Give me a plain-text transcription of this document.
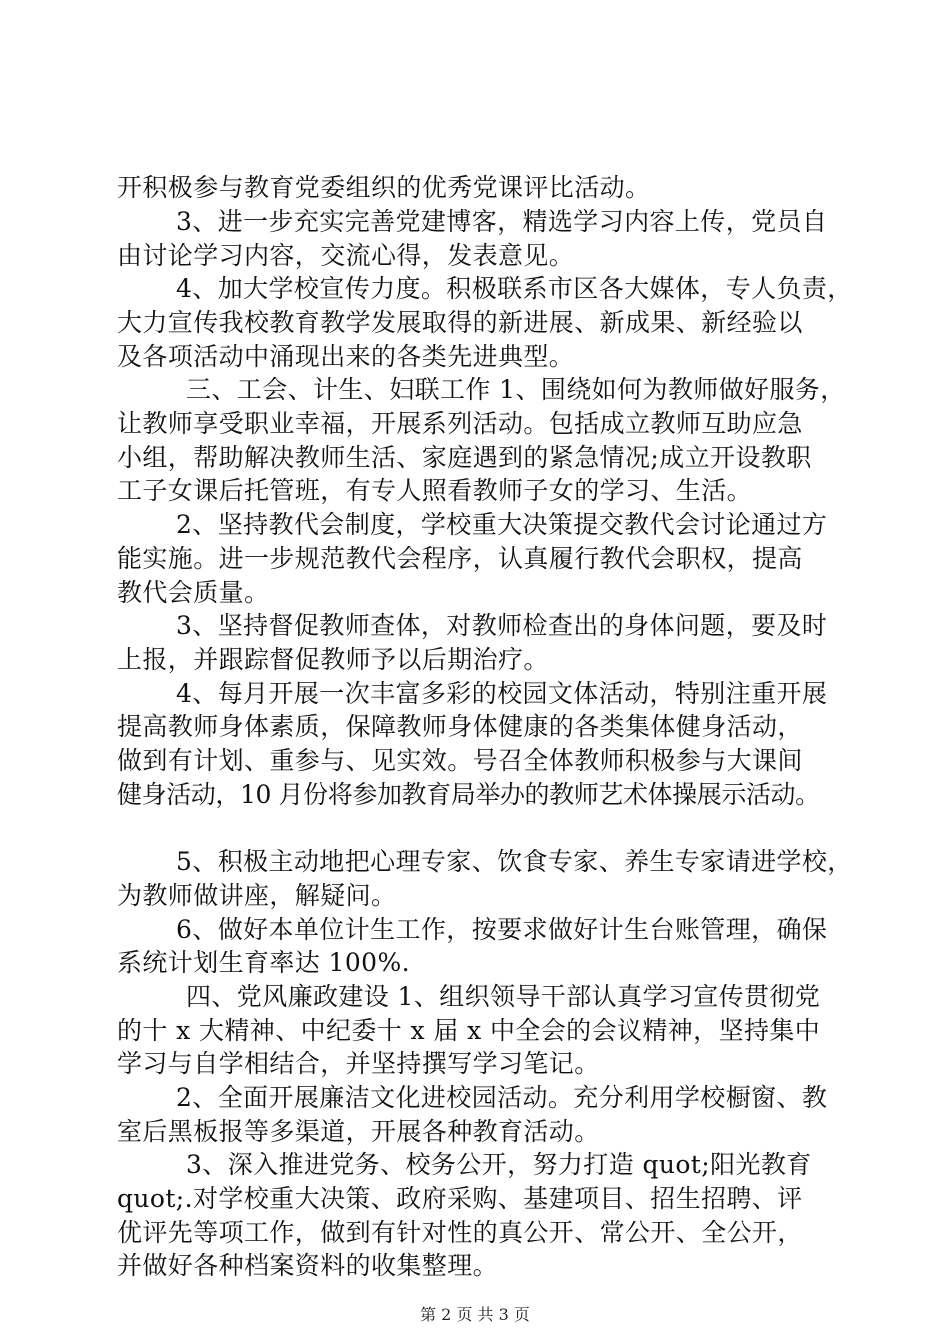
开积极参与教育党委组织的优秀党课评比活动。
3、进一步充实完善党建博客，精选学习内容上传，党员自
由讨论学习内容，交流心得，发表意见。
4、加大学校宣传力度。积极联系市区各大媒体，专人负责，
大力宣传我校教育教学发展取得的新进展、新成果、新经验以
及各项活动中涌现出来的各类先进典型。
三、工会、计生、妇联工作 1、围绕如何为教师做好服务，
让教师享受职业幸福，开展系列活动。包括成立教师互助应急
小组，帮助解决教师生活、家庭遇到的紧急情况;成立开设教职
工子女课后托管班，有专人照看教师子女的学习、生活。
2、坚持教代会制度，学校重大决策提交教代会讨论通过方
能实施。进一步规范教代会程序，认真履行教代会职权，提高
教代会质量。
3、坚持督促教师查体，对教师检查出的身体问题，要及时
上报，并跟踪督促教师予以后期治疗。
4、每月开展一次丰富多彩的校园文体活动，特别注重开展
提高教师身体素质，保障教师身体健康的各类集体健身活动，
做到有计划、重参与、见实效。号召全体教师积极参与大课间
健身活动，10 月份将参加教育局举办的教师艺术体操展示活动。
5、积极主动地把心理专家、饮食专家、养生专家请进学校，
为教师做讲座，解疑问。
6、做好本单位计生工作，按要求做好计生台账管理，确保
系统计划生育率达 100%.
四、党风廉政建设 1、组织领导干部认真学习宣传贯彻党
的十 x 大精神、中纪委十 x 届 x 中全会的会议精神，坚持集中
学习与自学相结合，并坚持撰写学习笔记。
2、全面开展廉洁文化进校园活动。充分利用学校橱窗、教
室后黑板报等多渠道，开展各种教育活动。
3、深入推进党务、校务公开，努力打造 quot;阳光教育
quot;.对学校重大决策、政府采购、基建项目、招生招聘、评
优评先等项工作，做到有针对性的真公开、常公开、全公开，
并做好各种档案资料的收集整理。
第 2 页 共 3 页
